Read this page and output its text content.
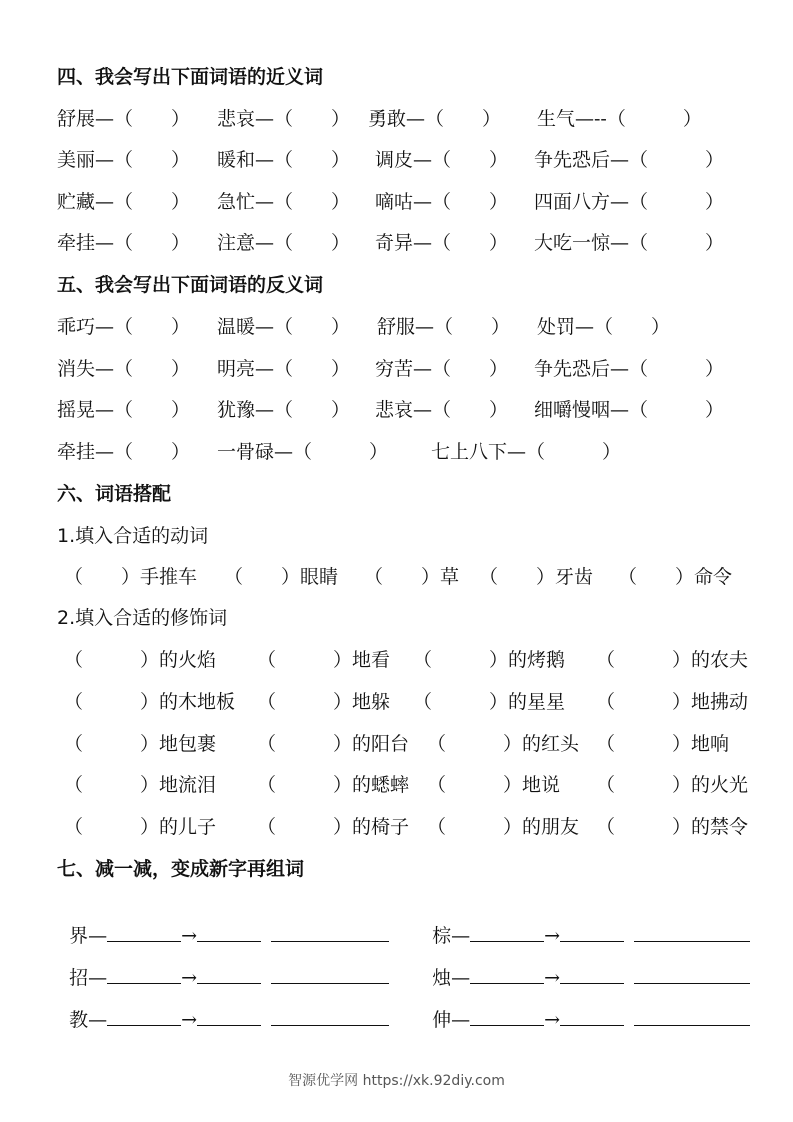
四、我会写出下面词语的近义词
舒展—（　　） 悲哀—（　　） 勇敢—（　　） 生气—--（　　　）
美丽—（　　） 暖和—（　　） 调皮—（　　） 争先恐后—（　　　）
贮藏—（　　） 急忙—（　　） 嘀咕—（　　） 四面八方—（　　　）
牵挂—（　　） 注意—（　　） 奇异—（　　） 大吃一惊—（　　　）
五、我会写出下面词语的反义词
乖巧—（　　） 温暖—（　　） 舒服—（　　） 处罚—（　　）
消失—（　　） 明亮—（　　） 穷苦—（　　） 争先恐后—（　　　）
摇晃—（　　） 犹豫—（　　） 悲哀—（　　） 细嚼慢咽—（　　　）
牵挂—（　　） 一骨碌—（　　　） 七上八下—（　　　）
六、词语搭配
1.填入合适的动词
（　　）手推车 （　　）眼睛 （　　）草 （　　）牙齿 （　　）命令
2.填入合适的修饰词
（　　　）的火焰 （　　　）地看 （　　　）的烤鹅 （　　　）的农夫
（　　　）的木地板 （　　　）地躲 （　　　）的星星 （　　　）地拂动
（　　　）地包裹 （　　　）的阳台 （　　　）的红头 （　　　）地响
（　　　）地流泪 （　　　）的蟋蟀 （　　　）地说 （　　　）的火光
（　　　）的儿子 （　　　）的椅子 （　　　）的朋友 （　　　）的禁令
七、减一减，变成新字再组词

界—	→	棕—	→

招—	→	烛—	→

教—	→	伸—	→

智源优学网 https://xk.92diy.com
